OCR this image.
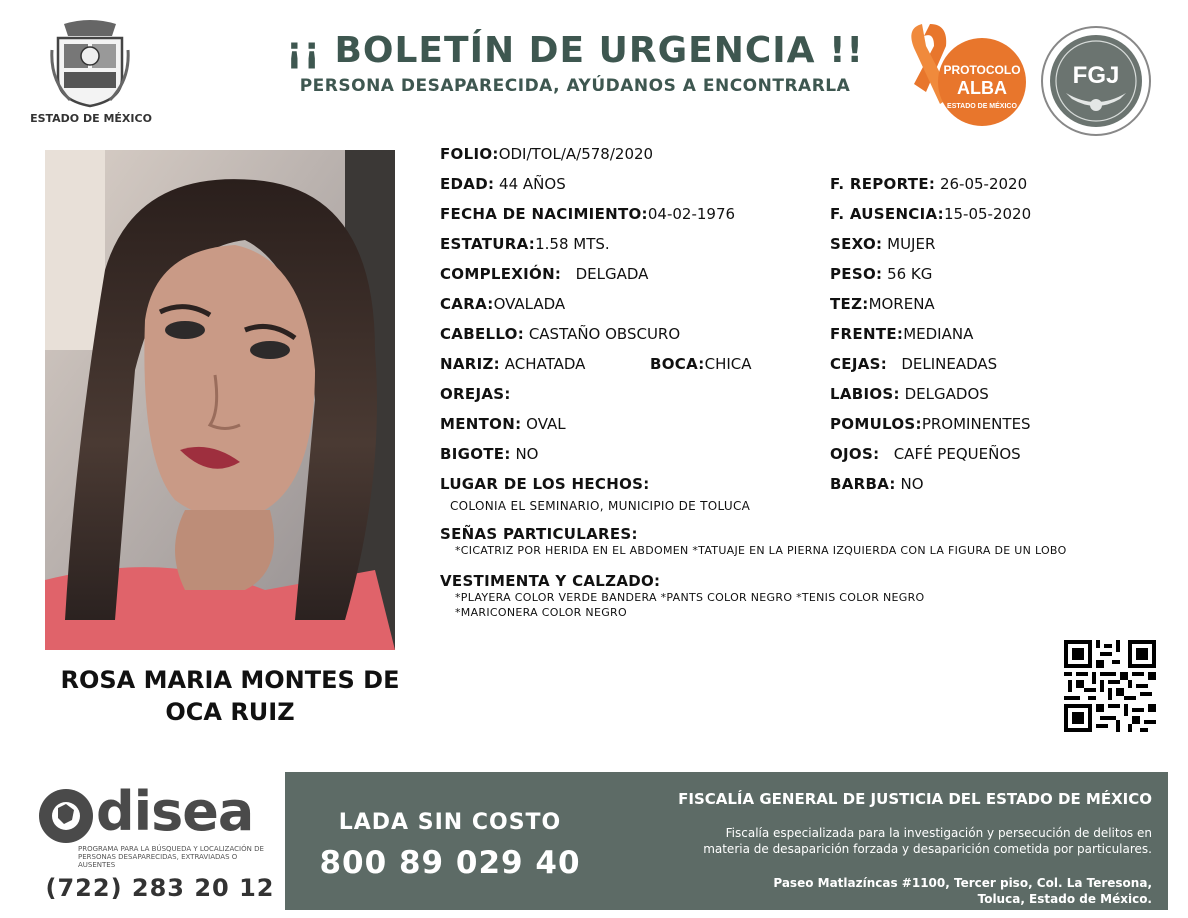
ESTADO DE MÉXICO
¡¡ BOLETÍN DE URGENCIA !!
PERSONA DESAPARECIDA, AYÚDANOS A ENCONTRARLA
PROTOCOLO
ALBA
ESTADO DE MÉXICO
FGJ
ROSA MARIA MONTES DE
OCA RUIZ
FOLIO:ODI/TOL/A/578/2020
EDAD: 44 AÑOS	F. REPORTE: 26-05-2020
FECHA DE NACIMIENTO:04-02-1976	F. AUSENCIA:15-05-2020
ESTATURA:1.58 MTS.	SEXO: MUJER
COMPLEXIÓN: DELGADA	PESO: 56 KG
CARA:OVALADA	TEZ:MORENA
CABELLO: CASTAÑO OBSCURO	FRENTE:MEDIANA
NARIZ: ACHATADA	BOCA:CHICA	CEJAS: DELINEADAS
OREJAS:	LABIOS: DELGADOS
MENTON: OVAL	POMULOS:PROMINENTES
BIGOTE: NO	OJOS: CAFÉ PEQUEÑOS
LUGAR DE LOS HECHOS:	BARBA: NO
COLONIA EL SEMINARIO, MUNICIPIO DE TOLUCA
SEÑAS PARTICULARES:
*CICATRIZ POR HERIDA EN EL ABDOMEN *TATUAJE EN LA PIERNA IZQUIERDA CON LA FIGURA DE UN LOBO
VESTIMENTA Y CALZADO:
*PLAYERA COLOR VERDE BANDERA *PANTS COLOR NEGRO *TENIS COLOR NEGRO
*MARICONERA COLOR NEGRO
disea
PROGRAMA PARA LA BÚSQUEDA Y LOCALIZACIÓN DE PERSONAS DESAPARECIDAS, EXTRAVIADAS O AUSENTES
(722) 283 20 12
LADA SIN COSTO
800 89 029 40
FISCALÍA GENERAL DE JUSTICIA DEL ESTADO DE MÉXICO
Fiscalía especializada para la investigación y persecución de delitos en
materia de desaparición forzada y desaparición cometida por particulares.
Paseo Matlazíncas #1100, Tercer piso, Col. La Teresona,
Toluca, Estado de México.
